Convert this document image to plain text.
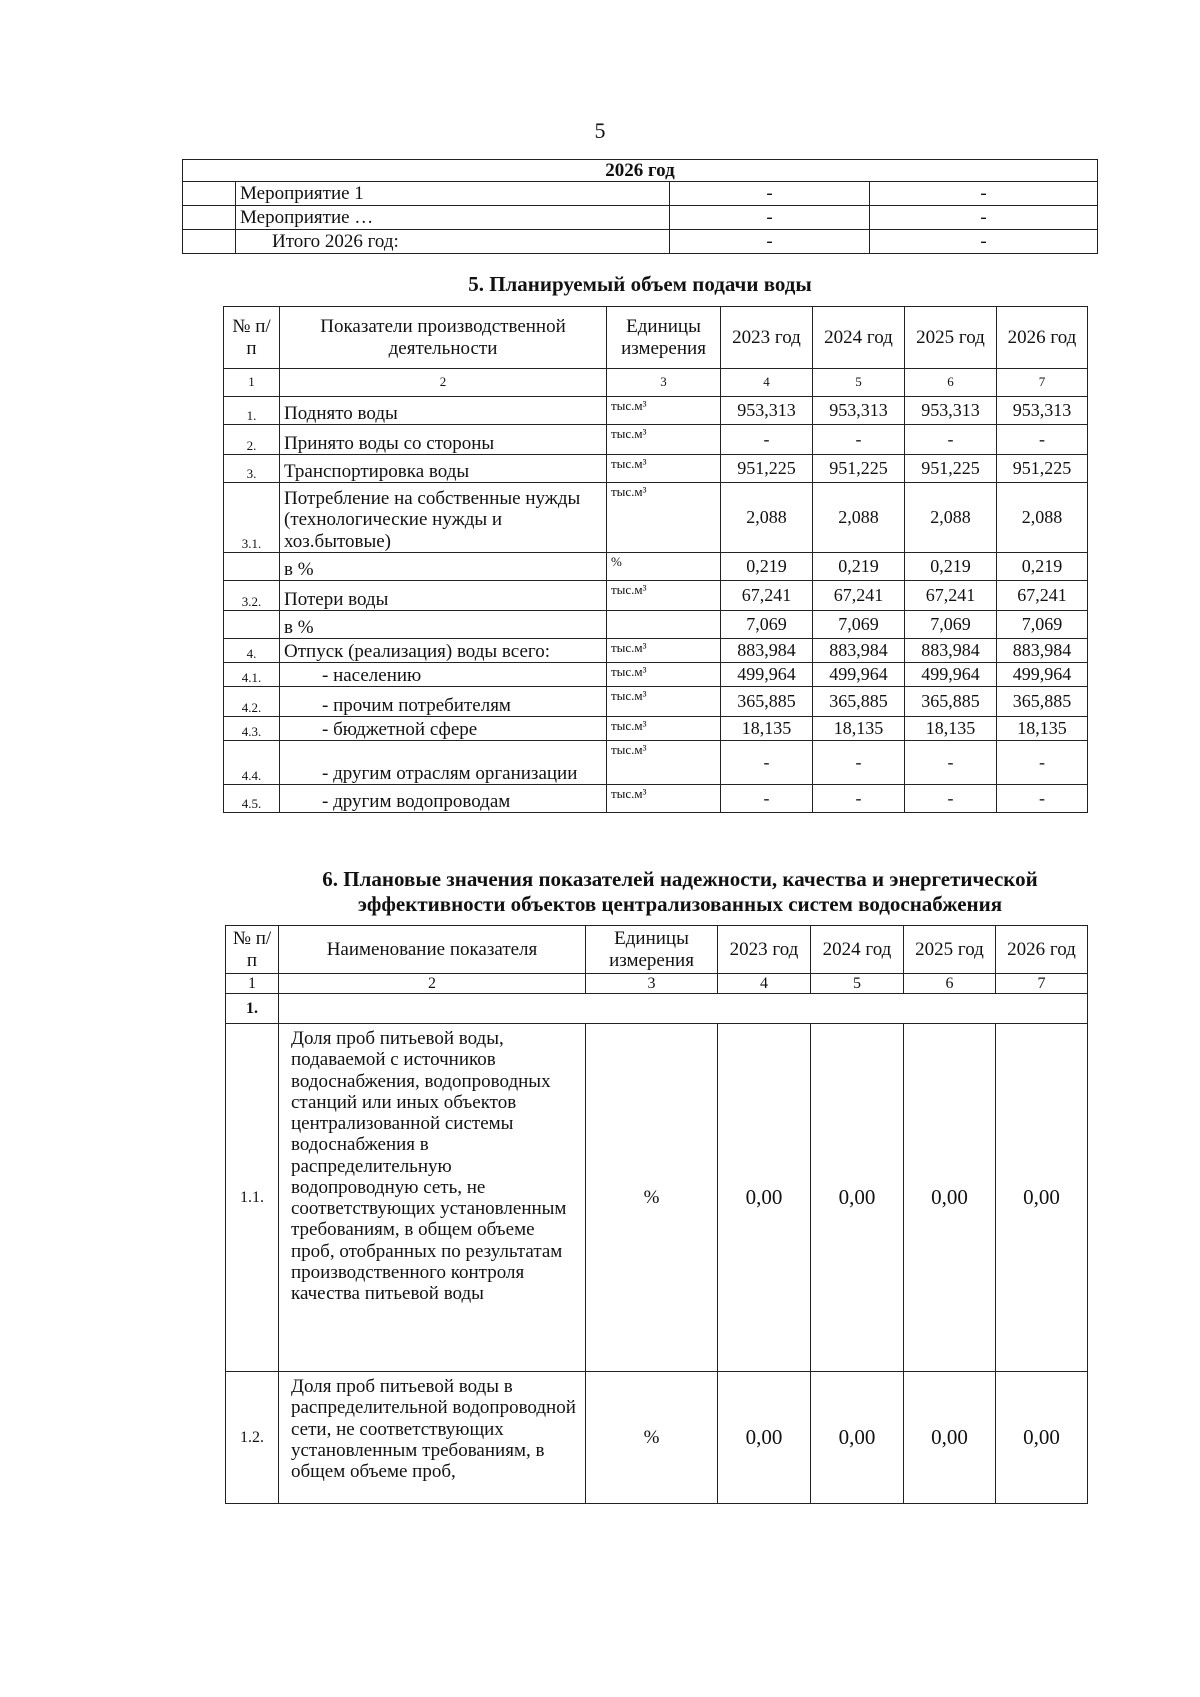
5
2026 год			
	Мероприятие 1	-	-
	Мероприятие …	-	-
	Итого 2026 год:	-	-
5. Планируемый объем подачи воды
№ п/п	Показатели производственной деятельности	Единицы измерения	2023 год	2024 год	2025 год	2026 год
1	2	3	4	5	6	7
1.	Поднято воды	тыс.м³	953,313	953,313	953,313	953,313
2.	Принято воды со стороны	тыс.м³	-	-	-	-
3.	Транспортировка воды	тыс.м³	951,225	951,225	951,225	951,225
3.1.	Потребление на собственные нужды (технологические нужды и хоз.бытовые)	тыс.м³	2,088	2,088	2,088	2,088
	в %	%	0,219	0,219	0,219	0,219
3.2.	Потери воды	тыс.м³	67,241	67,241	67,241	67,241
	в %		7,069	7,069	7,069	7,069
4.	Отпуск (реализация) воды всего:	тыс.м³	883,984	883,984	883,984	883,984
4.1.	- населению	тыс.м³	499,964	499,964	499,964	499,964
4.2.	- прочим потребителям	тыс.м³	365,885	365,885	365,885	365,885
4.3.	- бюджетной сфере	тыс.м³	18,135	18,135	18,135	18,135
4.4.	- другим отраслям организации	тыс.м³	-	-	-	-
4.5.	- другим водопроводам	тыс.м³	-	-	-	-
6. Плановые значения показателей надежности, качества и энергетической
эффективности объектов централизованных систем водоснабжения
№ п/п	Наименование показателя	Единицы измерения	2023 год	2024 год	2025 год	2026 год
1	2	3	4	5	6	7
1.						
1.1.	Доля проб питьевой воды, подаваемой с источников водоснабжения, водопроводных станций или иных объектов централизованной системы водоснабжения в распределительную водопроводную сеть, не соответствующих установленным требованиям, в общем объеме проб, отобранных по результатам производственного контроля качества питьевой воды	%	0,00	0,00	0,00	0,00
1.2.	Доля проб питьевой воды в распределительной водопроводной сети, не соответствующих установленным требованиям, в общем объеме проб,	%	0,00	0,00	0,00	0,00
